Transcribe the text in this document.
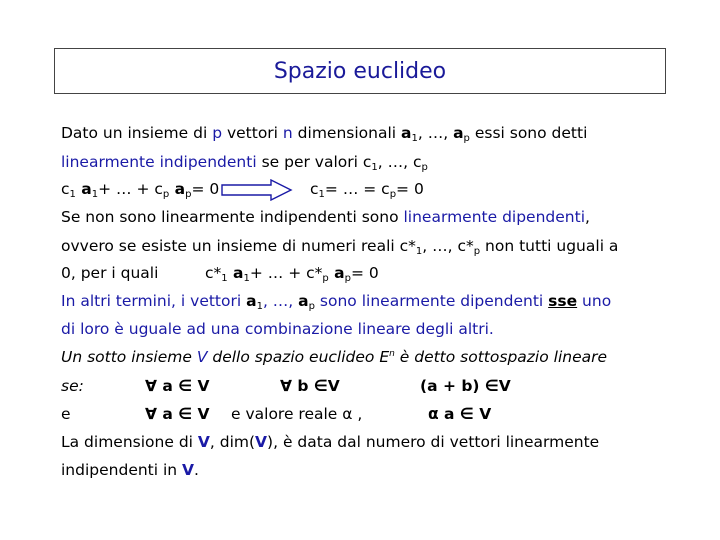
Spazio euclideo
Dato un insieme di p vettori n dimensionali $a_1$, …, $a_p$ essi sono detti
linearmente indipendenti se per valori $c_1$, …, $c_p$
$c_1$ $a_1+$ … + $c_p$ $a_p= 0$	$c_1=$ … = $c_p= 0$
Se non sono linearmente indipendenti sono linearmente dipendenti,
ovvero se esiste un insieme di numeri reali $c*_1$, …, $c*_p$ non tutti uguali a
0, per i quali	$c*_1$ $a_1+$ … + $c*_p$ $a_p= 0$
In altri termini, i vettori $a_1$, …, $a_p$ sono linearmente dipendenti sse uno
di loro è uguale ad una combinazione lineare degli altri.
Un sotto insieme V dello spazio euclideo $E^n$ è detto sottospazio lineare
se:	∀ a ∈ V	∀ b ∈V	(a + b) ∈V
e	∀ a ∈ V e valore reale α ,	α a ∈ V
La dimensione di V, dim(V), è data dal numero di vettori linearmente
indipendenti in V.
